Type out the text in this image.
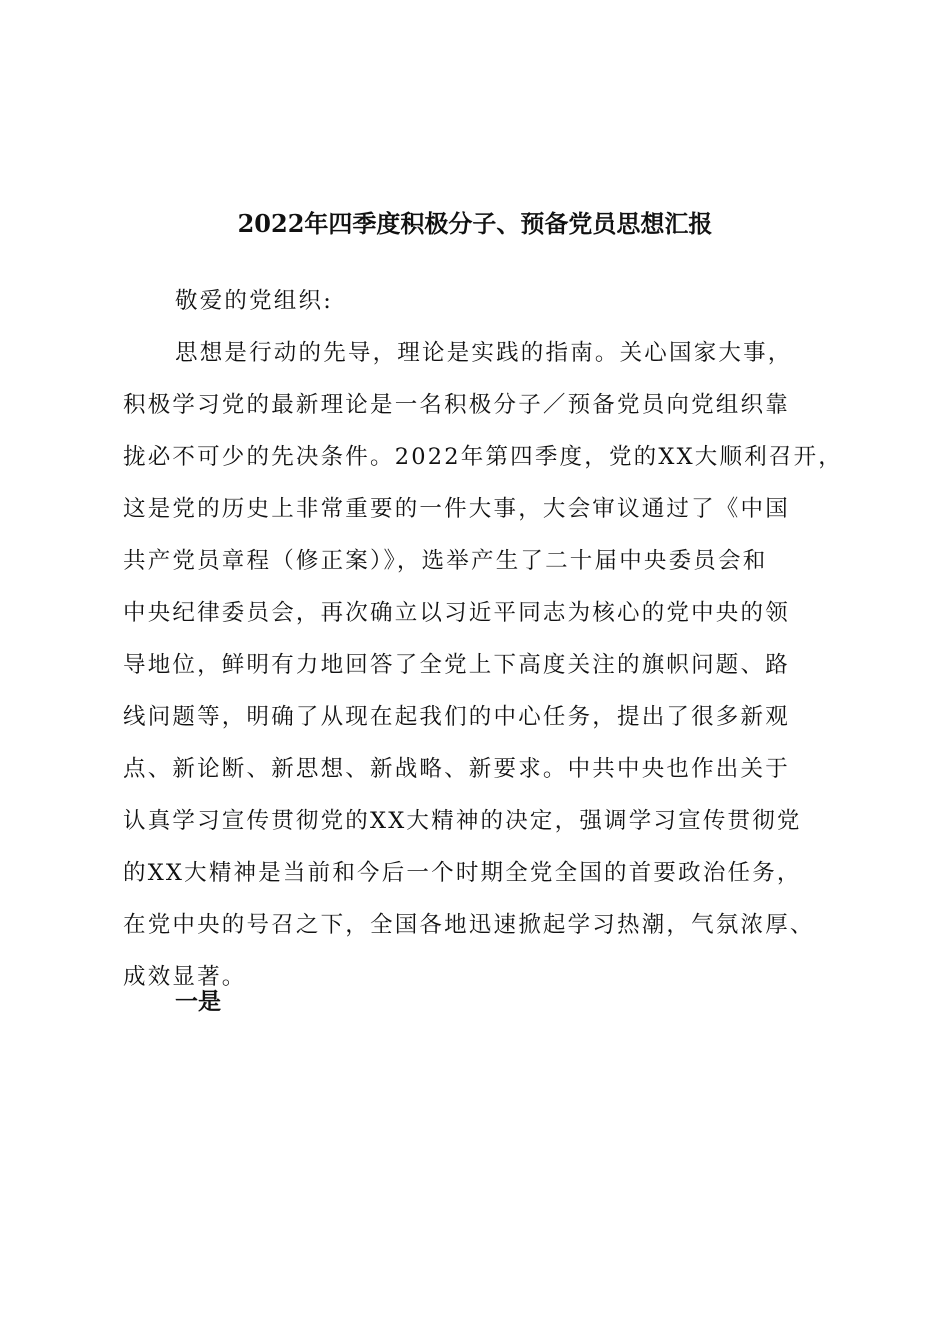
2022年四季度积极分子、预备党员思想汇报
敬爱的党组织:
思想是行动的先导，理论是实践的指南。关心国家大事，
积极学习党的最新理论是一名积极分子／预备党员向党组织靠
拢必不可少的先决条件。2022年第四季度，党的XX大顺利召开，
这是党的历史上非常重要的一件大事，大会审议通过了《中国
共产党员章程（修正案）》，选举产生了二十届中央委员会和
中央纪律委员会，再次确立以习近平同志为核心的党中央的领
导地位，鲜明有力地回答了全党上下高度关注的旗帜问题、路
线问题等，明确了从现在起我们的中心任务，提出了很多新观
点、新论断、新思想、新战略、新要求。中共中央也作出关于
认真学习宣传贯彻党的XX大精神的决定，强调学习宣传贯彻党
的XX大精神是当前和今后一个时期全党全国的首要政治任务，
在党中央的号召之下，全国各地迅速掀起学习热潮，气氛浓厚、
成效显著。
一是
